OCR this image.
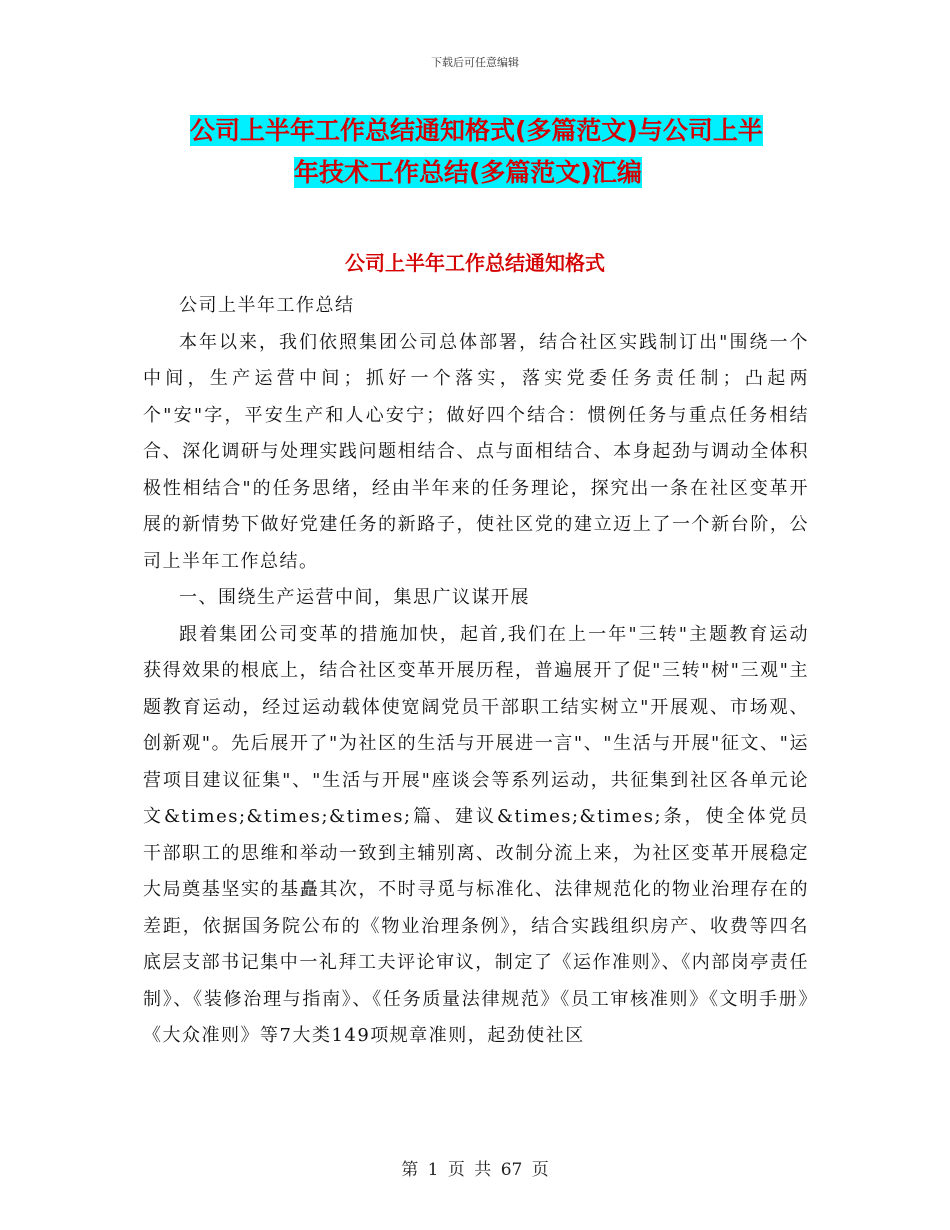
下载后可任意编辑
公司上半年工作总结通知格式(多篇范文)与公司上半
年技术工作总结(多篇范文)汇编
公司上半年工作总结通知格式

公司上半年工作总结

本年以来，我们依照集团公司总体部署，结合社区实践制订出"围绕一个中间，生产运营中间；抓好一个落实，落实党委任务责任制；凸起两个"安"字，平安生产和人心安宁；做好四个结合：惯例任务与重点任务相结合、深化调研与处理实践问题相结合、点与面相结合、本身起劲与调动全体积极性相结合"的任务思绪，经由半年来的任务理论，探究出一条在社区变革开展的新情势下做好党建任务的新路子，使社区党的建立迈上了一个新台阶，公司上半年工作总结。

一、围绕生产运营中间，集思广议谋开展

跟着集团公司变革的措施加快，起首,我们在上一年"三转"主题教育运动获得效果的根底上，结合社区变革开展历程，普遍展开了促"三转"树"三观"主题教育运动，经过运动载体使宽阔党员干部职工结实树立"开展观、市场观、创新观"。先后展开了"为社区的生活与开展进一言"、"生活与开展"征文、"运营项目建议征集"、"生活与开展"座谈会等系列运动，共征集到社区各单元论文&times;&times;&times;篇、建议&times;&times;条，使全体党员干部职工的思维和举动一致到主辅别离、改制分流上来，为社区变革开展稳定大局奠基坚实的基矗其次，不时寻觅与标准化、法律规范化的物业治理存在的差距，依据国务院公布的《物业治理条例》，结合实践组织房产、收费等四名底层支部书记集中一礼拜工夫评论审议，制定了《运作准则》、《内部岗亭责任制》、《装修治理与指南》、《任务质量法律规范》《员工审核准则》《文明手册》《大众准则》等7大类149项规章准则，起劲使社区

第 1 页 共 67 页
